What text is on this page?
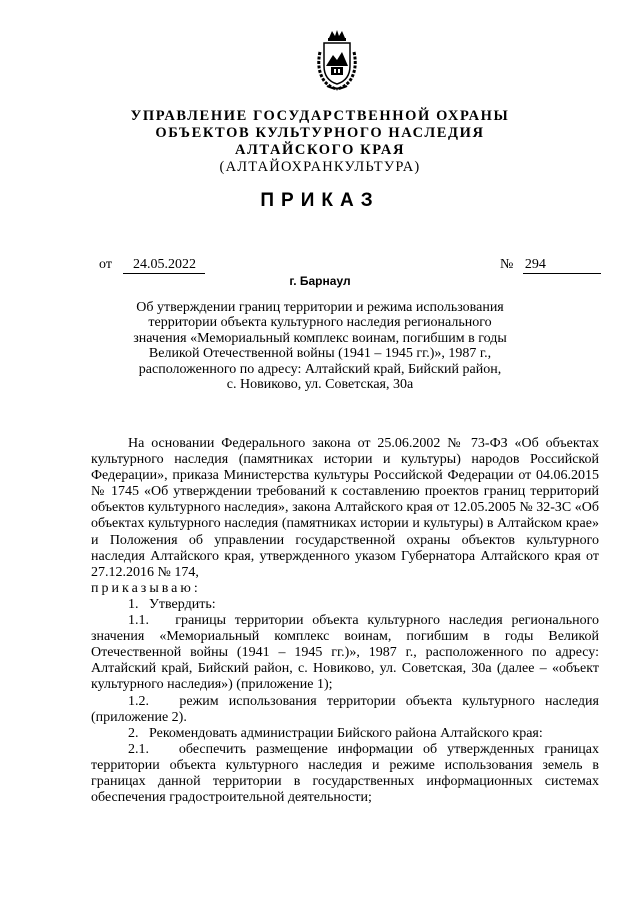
УПРАВЛЕНИЕ ГОСУДАРСТВЕННОЙ ОХРАНЫ
ОБЪЕКТОВ КУЛЬТУРНОГО НАСЛЕДИЯ
АЛТАЙСКОГО КРАЯ
(АЛТАЙОХРАНКУЛЬТУРА)
ПРИКАЗ
от 24.05.2022	№ 294
г. Барнаул
Об утверждении границ территории и режима использования
территории объекта культурного наследия регионального
значения «Мемориальный комплекс воинам, погибшим в годы
Великой Отечественной войны (1941 – 1945 гг.)», 1987 г.,
расположенного по адресу: Алтайский край, Бийский район,
с. Новиково, ул. Советская, 30а

На основании Федерального закона от 25.06.2002 № 73-ФЗ «Об объектах культурного наследия (памятниках истории и культуры) народов Российской Федерации», приказа Министерства культуры Российской Федерации от 04.06.2015 № 1745 «Об утверждении требований к составлению проектов границ территорий объектов культурного наследия», закона Алтайского края от 12.05.2005 № 32-ЗС «Об объектах культурного наследия (памятниках истории и культуры) в Алтайском крае» и Положения об управлении государственной охраны объектов культурного наследия Алтайского края, утвержденного указом Губернатора Алтайского края от 27.12.2016 № 174,

приказываю:

1.   Утвердить:

1.1.   границы территории объекта культурного наследия регионального значения «Мемориальный комплекс воинам, погибшим в годы Великой Отечественной войны (1941 – 1945 гг.)», 1987 г., расположенного по адресу: Алтайский край, Бийский район, с. Новиково, ул. Советская, 30а (далее – «объект культурного наследия») (приложение 1);

1.2.   режим использования территории объекта культурного наследия (приложение 2).

2.   Рекомендовать администрации Бийского района Алтайского края:

2.1.   обеспечить размещение информации об утвержденных границах территории объекта культурного наследия и режиме использования земель в границах данной территории в государственных информационных системах обеспечения градостроительной деятельности;
